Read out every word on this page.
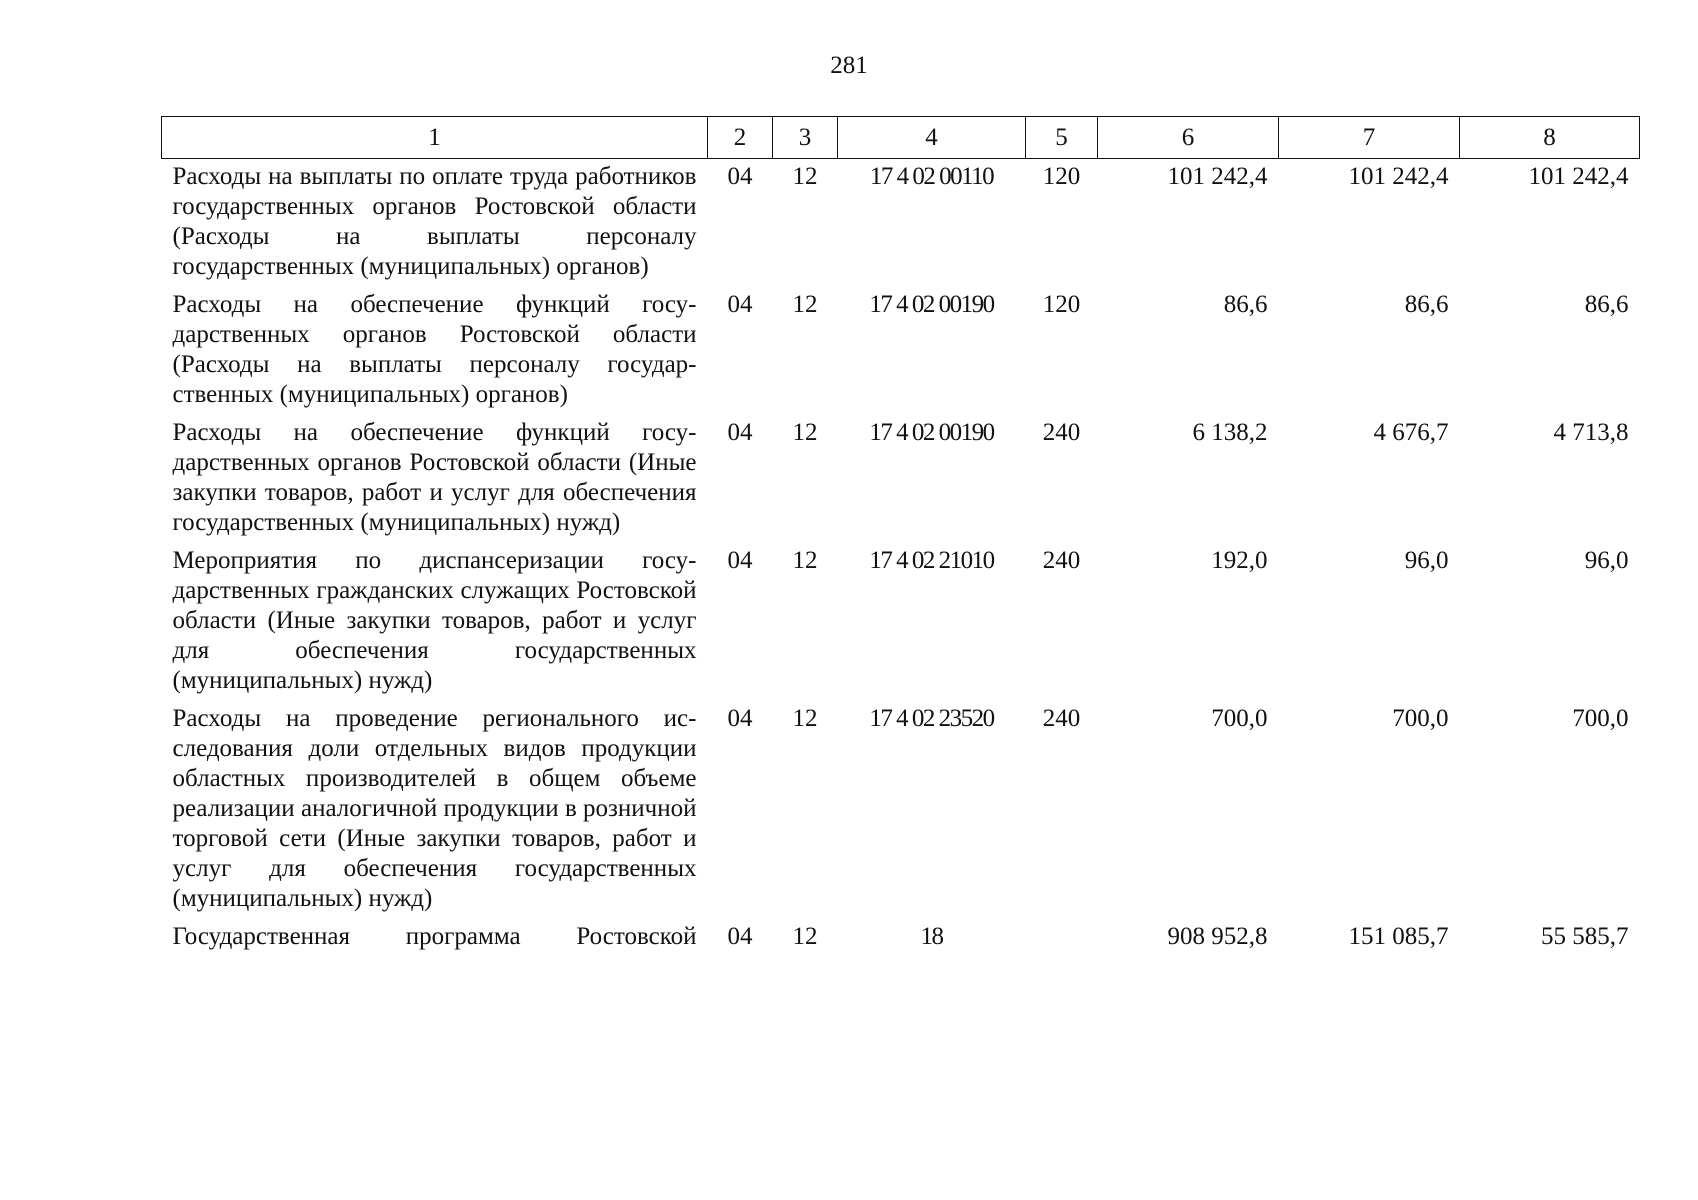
281
1	2	3	4	5	6	7	8
Расходы на выплаты по оплате труда работников государственных органов Ростовской области (Расходы на выплаты персоналу государственных (муниципальных) органов)	04	12	17 4 02 00110	120	101 242,4	101 242,4	101 242,4
Расходы на обеспечение функций государственных органов Ростовской области (Расходы на выплаты персоналу государственных (муниципальных) органов)	04	12	17 4 02 00190	120	86,6	86,6	86,6
Расходы на обеспечение функций государственных органов Ростовской области (Иные закупки товаров, работ и услуг для обеспечения государственных (муниципальных) нужд)	04	12	17 4 02 00190	240	6 138,2	4 676,7	4 713,8
Мероприятия по диспансеризации государственных гражданских служащих Ростовской области (Иные закупки товаров, работ и услуг для обеспечения государственных (муниципальных) нужд)	04	12	17 4 02 21010	240	192,0	96,0	96,0
Расходы на проведение регионального исследования доли отдельных видов продукции областных производителей в общем объеме реализации аналогичной продукции в розничной торговой сети (Иные закупки товаров, работ и услуг для обеспечения государственных (муниципальных) нужд)	04	12	17 4 02 23520	240	700,0	700,0	700,0
Государственная программа Ростовской	04	12	18		908 952,8	151 085,7	55 585,7
